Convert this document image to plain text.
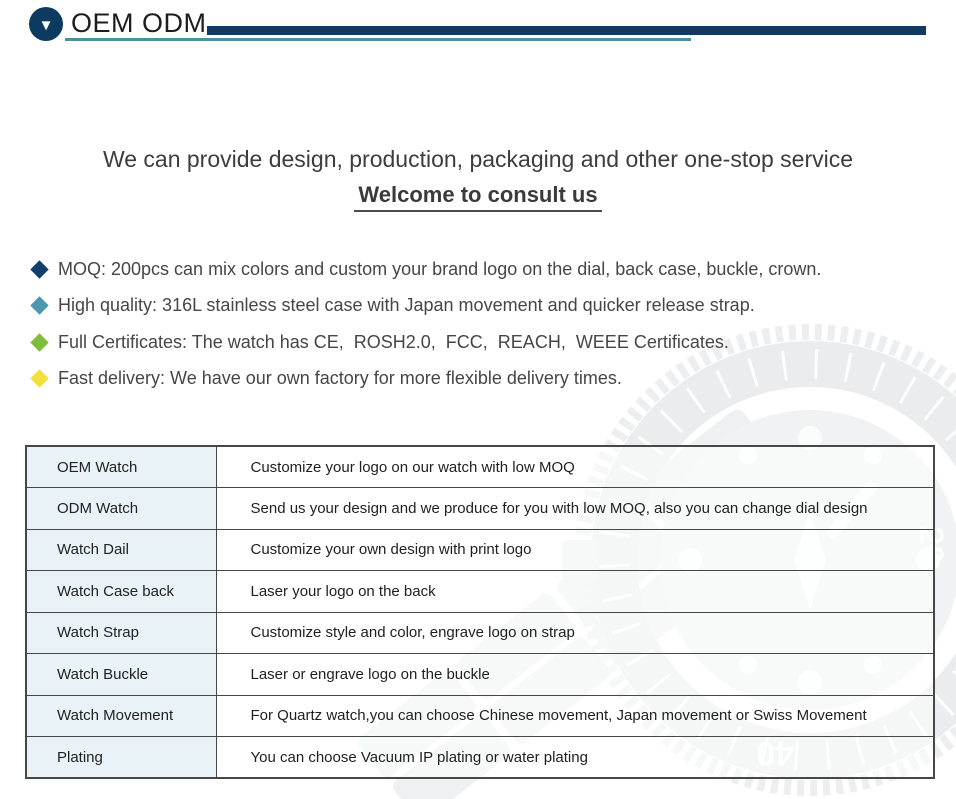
▼ OEM ODM
We can provide design, production, packaging and other one-stop service
Welcome to consult us
MOQ: 200pcs can mix colors and custom your brand logo on the dial, back case, buckle, crown.
High quality: 316L stainless steel case with Japan movement and quicker release strap.
Full Certificates: The watch has CE,  ROSH2.0,  FCC,  REACH,  WEEE Certificates.
Fast delivery: We have our own factory for more flexible delivery times.
OEM Watch	Customize your logo on our watch with low MOQ
ODM Watch	Send us your design and we produce for you with low MOQ, also you can change dial design
Watch Dail	Customize your own design with print logo
Watch Case back	Laser your logo on the back
Watch Strap	Customize style and color, engrave logo on strap
Watch Buckle	Laser or engrave logo on the buckle
Watch Movement	For Quartz watch,you can choose Chinese movement, Japan movement or Swiss Movement
Plating	You can choose Vacuum IP plating or water plating
